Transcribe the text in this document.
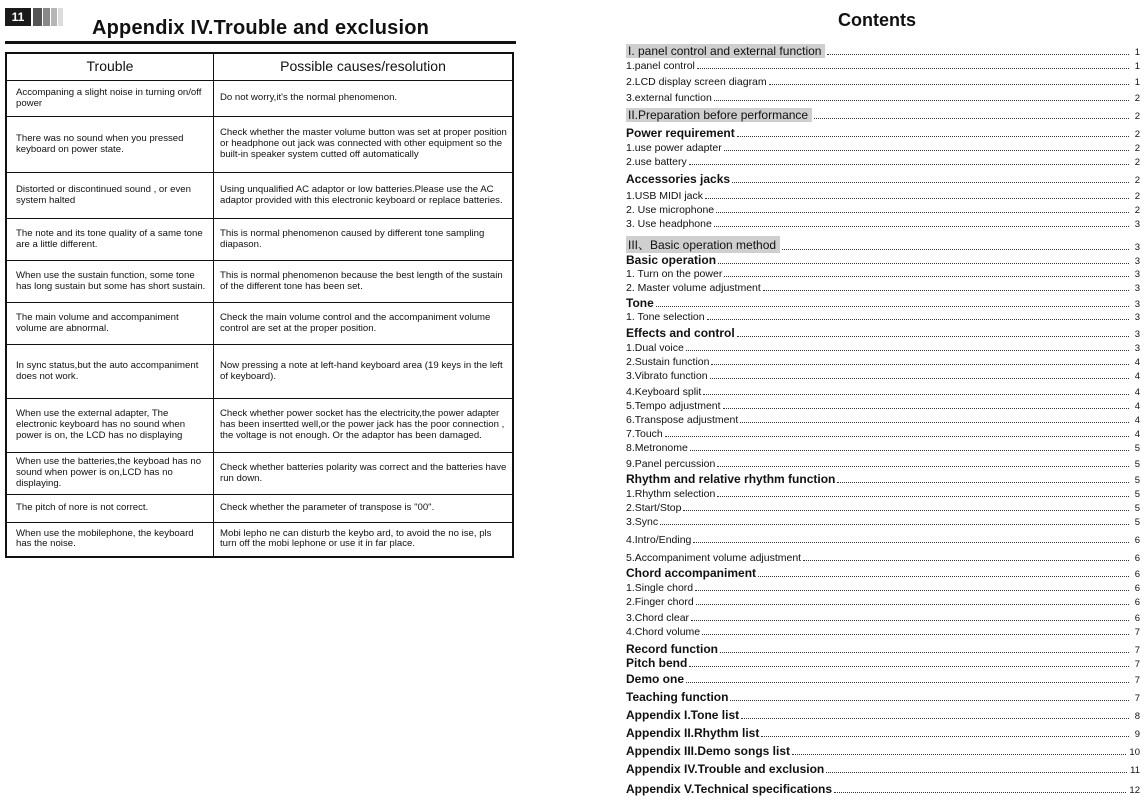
11	Appendix IV.Trouble and exclusion
Trouble	Possible causes/resolution
Accompaning a slight noise in turning on/off power	Do not worry,it's the normal phenomenon.
There was no sound when you pressed keyboard on power state.	Check whether the master volume button was set at proper position or headphone out jack was connected with other equipment so the built-in speaker system cutted off automatically
Distorted or discontinued sound , or even system halted	Using unqualified AC adaptor or low batteries.Please use the AC adaptor provided with this electronic keyboard or replace batteries.
The note and its tone quality of a same tone are a little different.	This is normal phenomenon caused by different tone sampling diapason.
When use the sustain function, some tone has long sustain but some has short sustain.	This is normal phenomenon because the best length of the sustain of the different tone has been set.
The main volume and accompaniment volume are abnormal.	Check the main volume control and the accompaniment volume control are set at the proper position.
In sync status,but the auto accompaniment does not work.	Now pressing a note at left-hand keyboard area (19 keys in the left of keyboard).
When use the external adapter, The electronic keyboard has no sound when power is on, the LCD has no displaying	Check whether power socket has the electricity,the power adapter has been insertted well,or the power jack has the poor connection , the voltage is not enough. Or the adaptor has been damaged.
When use the batteries,the keyboad has no sound when power is on,LCD has no displaying.	Check whether batteries polarity was correct and the batteries have run down.
The pitch of nore is not correct.	Check whether the parameter of transpose is "00".
When use the mobilephone, the keyboard has the noise.	Mobi lepho ne can disturb the keybo ard, to avoid the no ise, pls turn off the mobi lephone or use it in far place.
Contents
I. panel control and external function	1
1.panel control	1
2.LCD display screen diagram	1
3.external function	2
II.Preparation before performance	2
Power requirement	2
1.use power adapter	2
2.use battery	2
Accessories jacks	2
1.USB MIDI jack	2
2. Use microphone	2
3. Use headphone	3
III、Basic operation method	3
Basic operation	3
1. Turn on the power	3
2. Master volume adjustment	3
Tone	3
1. Tone selection	3
Effects and control	3
1.Dual voice	3
2.Sustain function	4
3.Vibrato function	4
4.Keyboard split	4
5.Tempo adjustment	4
6.Transpose adjustment	4
7.Touch	4
8.Metronome	5
9.Panel percussion	5
Rhythm and relative rhythm function	5
1.Rhythm selection	5
2.Start/Stop	5
3.Sync	5
4.Intro/Ending	6
5.Accompaniment volume adjustment	6
Chord accompaniment	6
1.Single chord	6
2.Finger chord	6
3.Chord clear	6
4.Chord volume	7
Record function	7
Pitch bend	7
Demo one	7
Teaching function	7
Appendix I.Tone list	8
Appendix II.Rhythm list	9
Appendix III.Demo songs list	10
Appendix IV.Trouble and exclusion	11
Appendix V.Technical specifications	12
